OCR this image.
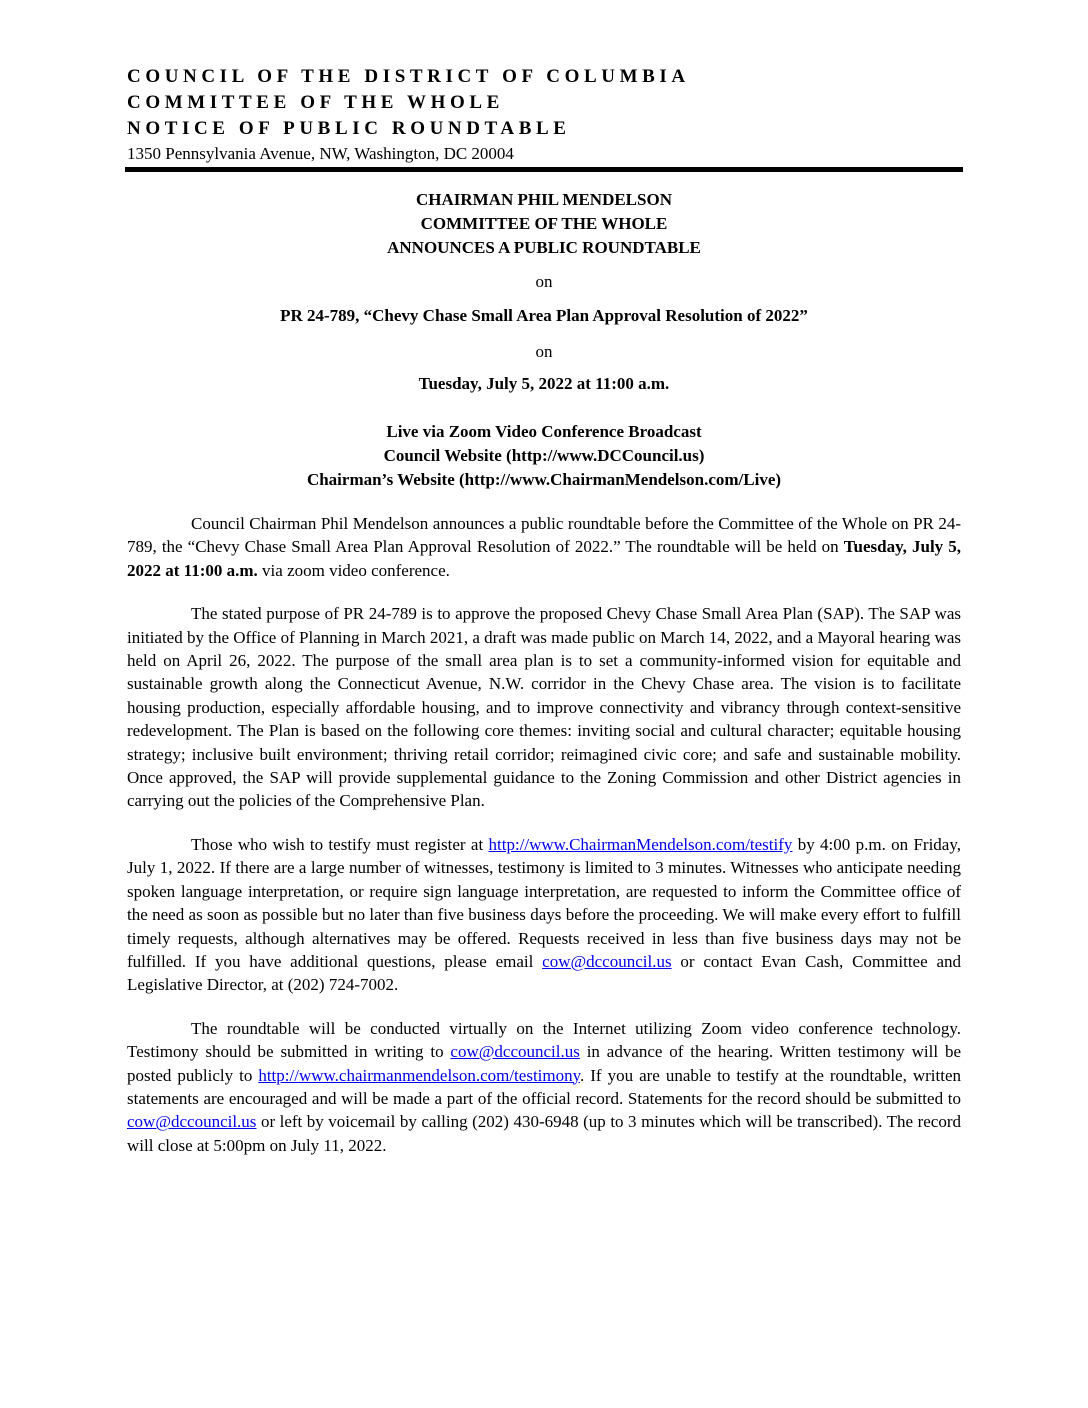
COUNCIL OF THE DISTRICT OF COLUMBIA
COMMITTEE OF THE WHOLE
NOTICE OF PUBLIC ROUNDTABLE
1350 Pennsylvania Avenue, NW, Washington, DC 20004
CHAIRMAN PHIL MENDELSON
COMMITTEE OF THE WHOLE
ANNOUNCES A PUBLIC ROUNDTABLE
on
PR 24-789, “Chevy Chase Small Area Plan Approval Resolution of 2022”
on
Tuesday, July 5, 2022 at 11:00 a.m.
Live via Zoom Video Conference Broadcast
Council Website (http://www.DCCouncil.us)
Chairman’s Website (http://www.ChairmanMendelson.com/Live)

Council Chairman Phil Mendelson announces a public roundtable before the Committee of the Whole on PR 24-789, the “Chevy Chase Small Area Plan Approval Resolution of 2022.” The roundtable will be held on Tuesday, July 5, 2022 at 11:00 a.m. via zoom video conference.

The stated purpose of PR 24-789 is to approve the proposed Chevy Chase Small Area Plan (SAP). The SAP was initiated by the Office of Planning in March 2021, a draft was made public on March 14, 2022, and a Mayoral hearing was held on April 26, 2022. The purpose of the small area plan is to set a community-informed vision for equitable and sustainable growth along the Connecticut Avenue, N.W. corridor in the Chevy Chase area. The vision is to facilitate housing production, especially affordable housing, and to improve connectivity and vibrancy through context-sensitive redevelopment. The Plan is based on the following core themes: inviting social and cultural character; equitable housing strategy; inclusive built environment; thriving retail corridor; reimagined civic core; and safe and sustainable mobility. Once approved, the SAP will provide supplemental guidance to the Zoning Commission and other District agencies in carrying out the policies of the Comprehensive Plan.

Those who wish to testify must register at http://www.ChairmanMendelson.com/testify by 4:00 p.m. on Friday, July 1, 2022. If there are a large number of witnesses, testimony is limited to 3 minutes. Witnesses who anticipate needing spoken language interpretation, or require sign language interpretation, are requested to inform the Committee office of the need as soon as possible but no later than five business days before the proceeding. We will make every effort to fulfill timely requests, although alternatives may be offered. Requests received in less than five business days may not be fulfilled. If you have additional questions, please email cow@dccouncil.us or contact Evan Cash, Committee and Legislative Director, at (202) 724-7002.

The roundtable will be conducted virtually on the Internet utilizing Zoom video conference technology. Testimony should be submitted in writing to cow@dccouncil.us in advance of the hearing. Written testimony will be posted publicly to http://www.chairmanmendelson.com/testimony. If you are unable to testify at the roundtable, written statements are encouraged and will be made a part of the official record. Statements for the record should be submitted to cow@dccouncil.us or left by voicemail by calling (202) 430-6948 (up to 3 minutes which will be transcribed). The record will close at 5:00pm on July 11, 2022.
